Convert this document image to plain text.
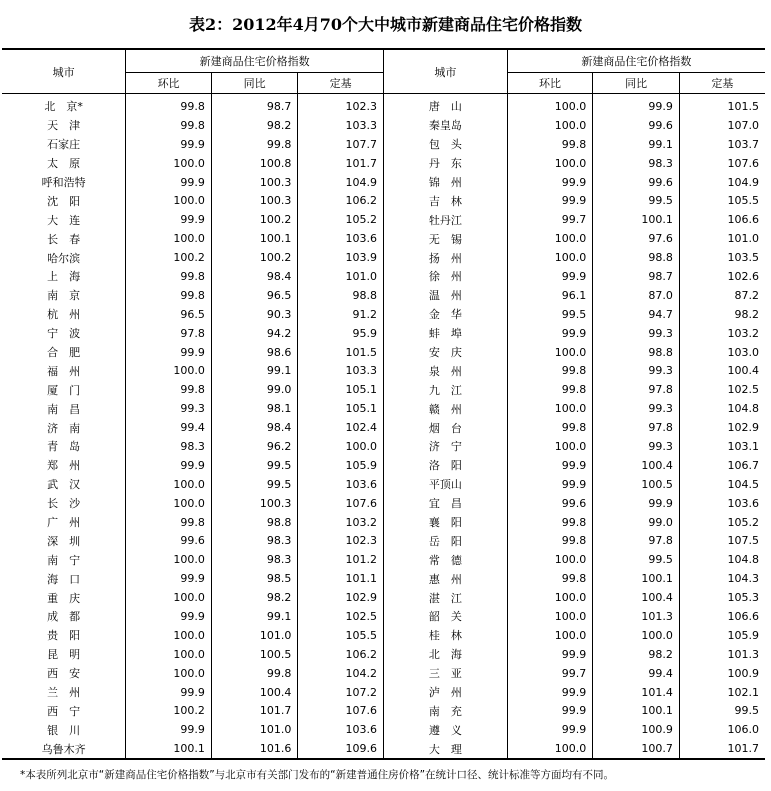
表2：2012年4月70个大中城市新建商品住宅价格指数
城市	新建商品住宅价格指数			城市	新建商品住宅价格指数		
	环比	同比	定基		环比	同比	定基
北　京*	99.8	98.7	102.3	唐　山	100.0	99.9	101.5
天　津	99.8	98.2	103.3	秦皇岛	100.0	99.6	107.0
石家庄	99.9	99.8	107.7	包　头	99.8	99.1	103.7
太　原	100.0	100.8	101.7	丹　东	100.0	98.3	107.6
呼和浩特	99.9	100.3	104.9	锦　州	99.9	99.6	104.9
沈　阳	100.0	100.3	106.2	吉　林	99.9	99.5	105.5
大　连	99.9	100.2	105.2	牡丹江	99.7	100.1	106.6
长　春	100.0	100.1	103.6	无　锡	100.0	97.6	101.0
哈尔滨	100.2	100.2	103.9	扬　州	100.0	98.8	103.5
上　海	99.8	98.4	101.0	徐　州	99.9	98.7	102.6
南　京	99.8	96.5	98.8	温　州	96.1	87.0	87.2
杭　州	96.5	90.3	91.2	金　华	99.5	94.7	98.2
宁　波	97.8	94.2	95.9	蚌　埠	99.9	99.3	103.2
合　肥	99.9	98.6	101.5	安　庆	100.0	98.8	103.0
福　州	100.0	99.1	103.3	泉　州	99.8	99.3	100.4
厦　门	99.8	99.0	105.1	九　江	99.8	97.8	102.5
南　昌	99.3	98.1	105.1	赣　州	100.0	99.3	104.8
济　南	99.4	98.4	102.4	烟　台	99.8	97.8	102.9
青　岛	98.3	96.2	100.0	济　宁	100.0	99.3	103.1
郑　州	99.9	99.5	105.9	洛　阳	99.9	100.4	106.7
武　汉	100.0	99.5	103.6	平顶山	99.9	100.5	104.5
长　沙	100.0	100.3	107.6	宜　昌	99.6	99.9	103.6
广　州	99.8	98.8	103.2	襄　阳	99.8	99.0	105.2
深　圳	99.6	98.3	102.3	岳　阳	99.8	97.8	107.5
南　宁	100.0	98.3	101.2	常　德	100.0	99.5	104.8
海　口	99.9	98.5	101.1	惠　州	99.8	100.1	104.3
重　庆	100.0	98.2	102.9	湛　江	100.0	100.4	105.3
成　都	99.9	99.1	102.5	韶　关	100.0	101.3	106.6
贵　阳	100.0	101.0	105.5	桂　林	100.0	100.0	105.9
昆　明	100.0	100.5	106.2	北　海	99.9	98.2	101.3
西　安	100.0	99.8	104.2	三　亚	99.7	99.4	100.9
兰　州	99.9	100.4	107.2	泸　州	99.9	101.4	102.1
西　宁	100.2	101.7	107.6	南　充	99.9	100.1	99.5
银　川	99.9	101.0	103.6	遵　义	99.9	100.9	106.0
乌鲁木齐	100.1	101.6	109.6	大　理	100.0	100.7	101.7
*本表所列北京市“新建商品住宅价格指数”与北京市有关部门发布的“新建普通住房价格”在统计口径、统计标准等方面均有不同。
